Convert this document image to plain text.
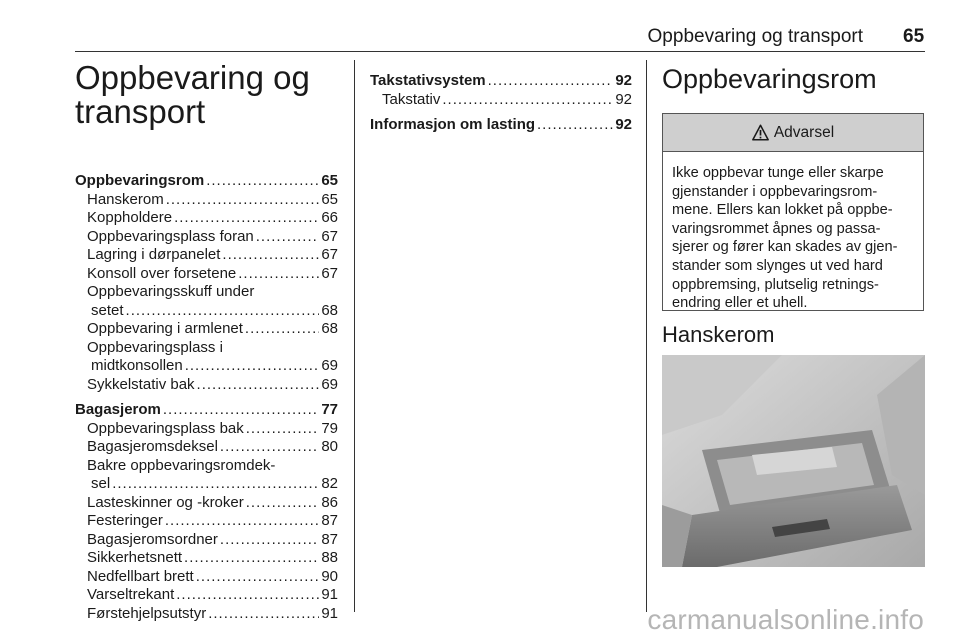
Oppbevaring og transport 65
Oppbevaring og
transport
Oppbevaringsrom .....	65
Hanskerom .....	65
Koppholdere .....	66
Oppbevaringsplass foran .....	67
Lagring i dørpanelet .....	67
Konsoll over forsetene .....	67
Oppbevaringsskuff under
setet .....	68
Oppbevaring i armlenet .....	68
Oppbevaringsplass i
midtkonsollen .....	69
Sykkelstativ bak .....	69
Bagasjerom .....	77
Oppbevaringsplass bak .....	79
Bagasjeromsdeksel .....	80
Bakre oppbevaringsromdek-
sel .....	82
Lasteskinner og -kroker .....	86
Festeringer .....	87
Bagasjeromsordner .....	87
Sikkerhetsnett .....	88
Nedfellbart brett .....	90
Varseltrekant .....	91
Førstehjelpsutstyr .....	91
Takstativsystem .....	92
Takstativ .....	92
Informasjon om lasting .....	92
Oppbevaringsrom
Advarsel
Ikke oppbevar tunge eller skarpe
gjenstander i oppbevaringsrom-
mene. Ellers kan lokket på oppbe-
varingsrommet åpnes og passa-
sjerer og fører kan skades av gjen-
stander som slynges ut ved hard
oppbremsing, plutselig retnings-
endring eller et uhell.
Hanskerom
carmanualsonline.info
